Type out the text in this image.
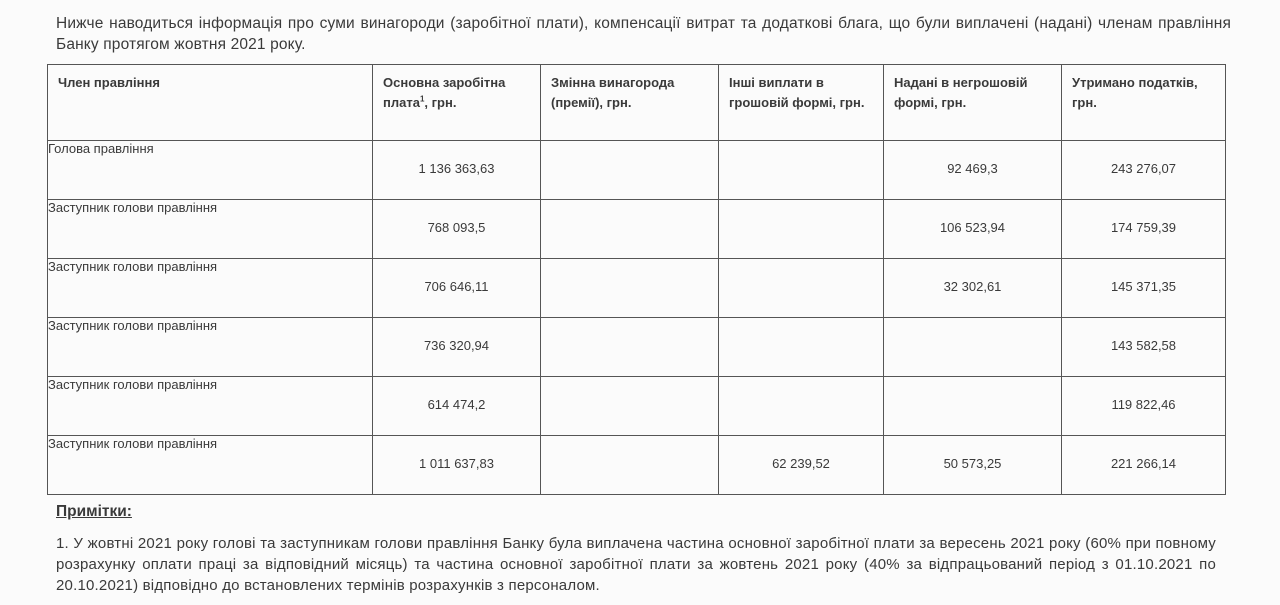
Нижче наводиться інформація про суми винагороди (заробітної плати), компенсації витрат та додаткові блага, що були виплачені (надані) членам правління Банку протягом жовтня 2021 року.
Член правління	Основна заробітна плата$^1$, грн.	Змінна винагорода (премії), грн.	Інші виплати в грошовій формі, грн.	Надані в негрошовій формі, грн.	Утримано податків, грн.
Голова правління	1 136 363,63			92 469,3	243 276,07
Заступник голови правління	768 093,5			106 523,94	174 759,39
Заступник голови правління	706 646,11			32 302,61	145 371,35
Заступник голови правління	736 320,94				143 582,58
Заступник голови правління	614 474,2				119 822,46
Заступник голови правління	1 011 637,83		62 239,52	50 573,25	221 266,14
Примітки:
1. У жовтні 2021 року голові та заступникам голови правління Банку була виплачена частина основної заробітної плати за вересень 2021 року (60% при повному розрахунку оплати праці за відповідний місяць) та частина основної заробітної плати за жовтень 2021 року (40% за відпрацьований період з 01.10.2021 по 20.10.2021) відповідно до встановлених термінів розрахунків з персоналом.
